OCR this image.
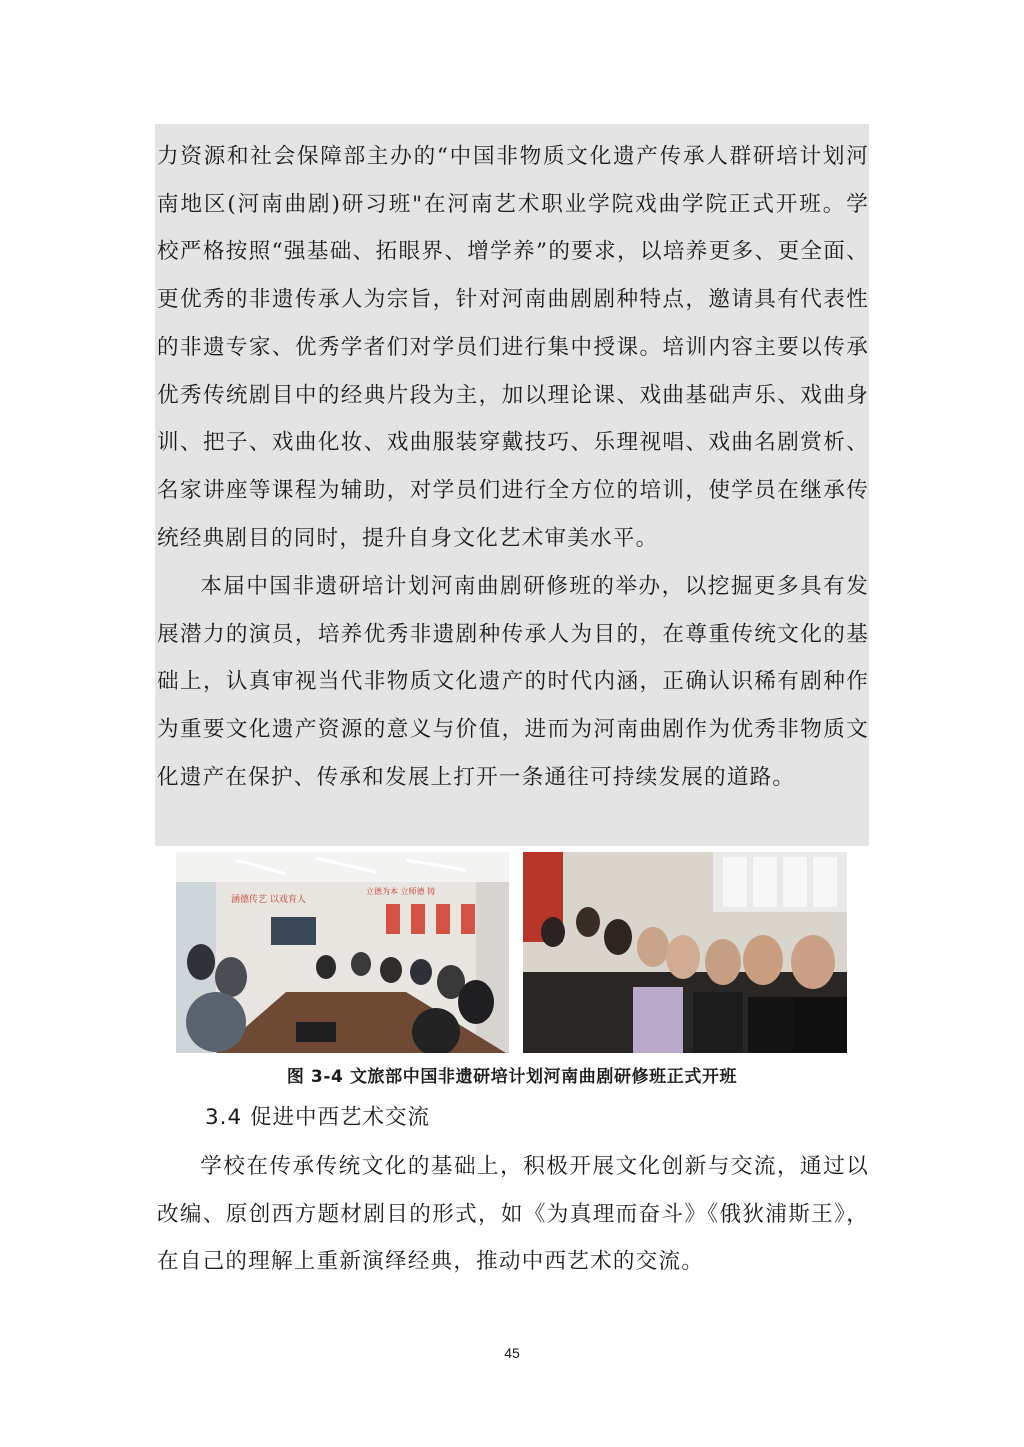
力资源和社会保障部主办的“中国非物质文化遗产传承人群研培计划河南地区(河南曲剧)研习班"在河南艺术职业学院戏曲学院正式开班。学校严格按照“强基础、拓眼界、增学养”的要求，以培养更多、更全面、更优秀的非遗传承人为宗旨，针对河南曲剧剧种特点，邀请具有代表性的非遗专家、优秀学者们对学员们进行集中授课。培训内容主要以传承优秀传统剧目中的经典片段为主，加以理论课、戏曲基础声乐、戏曲身训、把子、戏曲化妆、戏曲服装穿戴技巧、乐理视唱、戏曲名剧赏析、名家讲座等课程为辅助，对学员们进行全方位的培训，使学员在继承传统经典剧目的同时，提升自身文化艺术审美水平。

本届中国非遗研培计划河南曲剧研修班的举办，以挖掘更多具有发展潜力的演员，培养优秀非遗剧种传承人为目的，在尊重传统文化的基础上，认真审视当代非物质文化遗产的时代内涵，正确认识稀有剧种作为重要文化遗产资源的意义与价值，进而为河南曲剧作为优秀非物质文化遗产在保护、传承和发展上打开一条通往可持续发展的道路。

涵德传艺 以戏育人
立德为本 立师德 铸
图 3-4 文旅部中国非遗研培计划河南曲剧研修班正式开班
3.4 促进中西艺术交流

学校在传承传统文化的基础上，积极开展文化创新与交流，通过以改编、原创西方题材剧目的形式，如《为真理而奋斗》《俄狄浦斯王》，在自己的理解上重新演绎经典，推动中西艺术的交流。

45
